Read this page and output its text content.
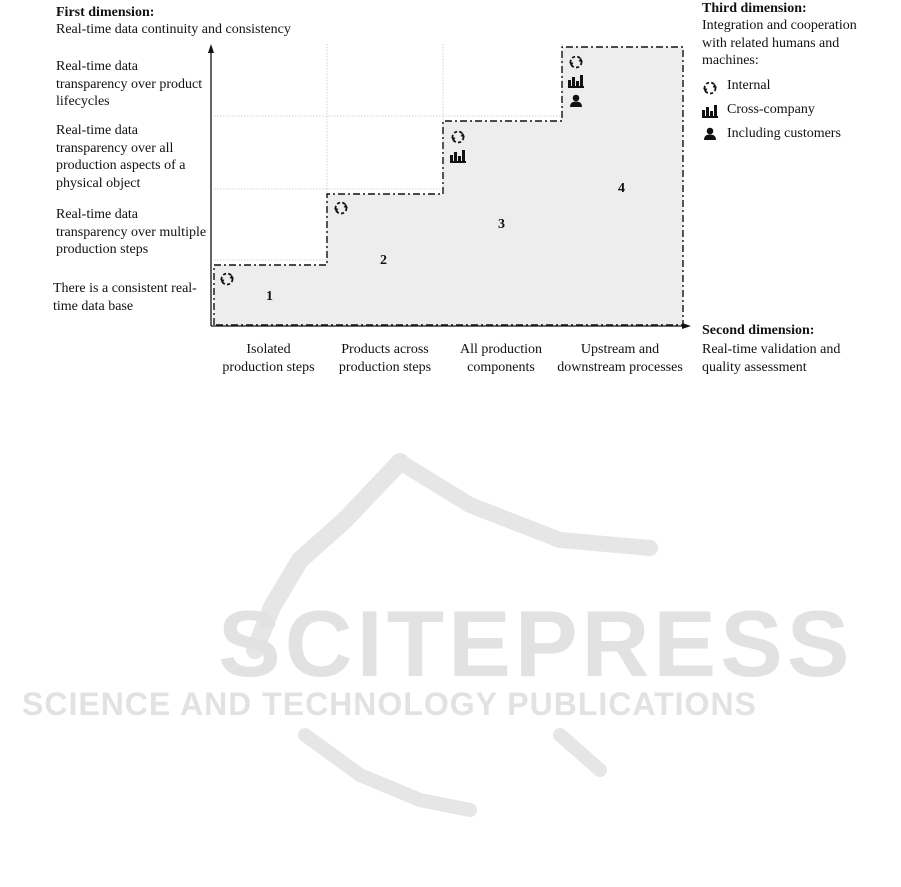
SCITEPRESS
SCIENCE AND TECHNOLOGY PUBLICATIONS
First dimension:
Real-time data continuity and consistency
Real-time data transparency over product lifecycles
Real-time data transparency over all production aspects of a physical object
Real-time data transparency over multiple production steps
There is a consistent real-time data base
Isolated production steps
Products across production steps
All production components
Upstream and downstream processes
Second dimension:
Real-time validation and quality assessment
Third dimension:
Integration and cooperation with related humans and machines:
Internal
Cross-company
Including customers
1
2
3
4
